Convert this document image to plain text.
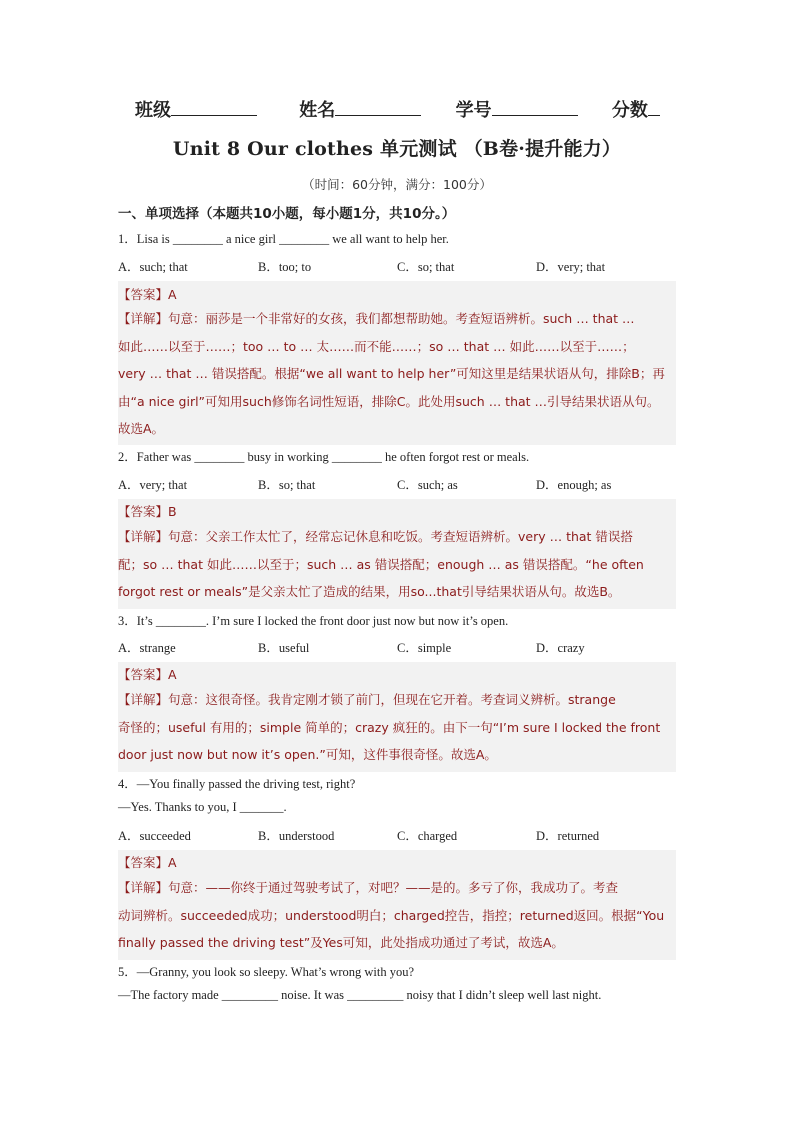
班级	姓名	学号	分数
Unit 8 Our clothes 单元测试 （B卷·提升能力）
（时间：60分钟，满分：100分）
一、单项选择（本题共10小题，每小题1分，共10分。）
1．Lisa is ________ a nice girl ________ we all want to help her.
A．such; that	B．too; to	C．so; that	D．very; that
【答案】A
【详解】句意：丽莎是一个非常好的女孩，我们都想帮助她。考查短语辨析。such … that …
如此……以至于……；too … to … 太……而不能……；so … that … 如此……以至于……；
very … that … 错误搭配。根据“we all want to help her”可知这里是结果状语从句，排除B；再
由“a nice girl”可知用such修饰名词性短语，排除C。此处用such … that …引导结果状语从句。
故选A。
2．Father was ________ busy in working ________ he often forgot rest or meals.
A．very; that	B．so; that	C．such; as	D．enough; as
【答案】B
【详解】句意：父亲工作太忙了，经常忘记休息和吃饭。考查短语辨析。very … that 错误搭
配；so … that 如此……以至于；such … as 错误搭配；enough … as 错误搭配。“he often
forgot rest or meals”是父亲太忙了造成的结果，用so...that引导结果状语从句。故选B。
3．It’s ________. I’m sure I locked the front door just now but now it’s open.
A．strange	B．useful	C．simple	D．crazy
【答案】A
【详解】句意：这很奇怪。我肯定刚才锁了前门，但现在它开着。考查词义辨析。strange
奇怪的；useful 有用的；simple 简单的；crazy 疯狂的。由下一句“I’m sure I locked the front
door just now but now it’s open.”可知，这件事很奇怪。故选A。
4．—You finally passed the driving test, right?
—Yes. Thanks to you, I _______.
A．succeeded	B．understood	C．charged	D．returned
【答案】A
【详解】句意：——你终于通过驾驶考试了，对吧？——是的。多亏了你，我成功了。考查
动词辨析。succeeded成功；understood明白；charged控告，指控；returned返回。根据“You
finally passed the driving test”及Yes可知，此处指成功通过了考试，故选A。
5．—Granny, you look so sleepy. What’s wrong with you?
—The factory made _________ noise. It was _________ noisy that I didn’t sleep well last night.
